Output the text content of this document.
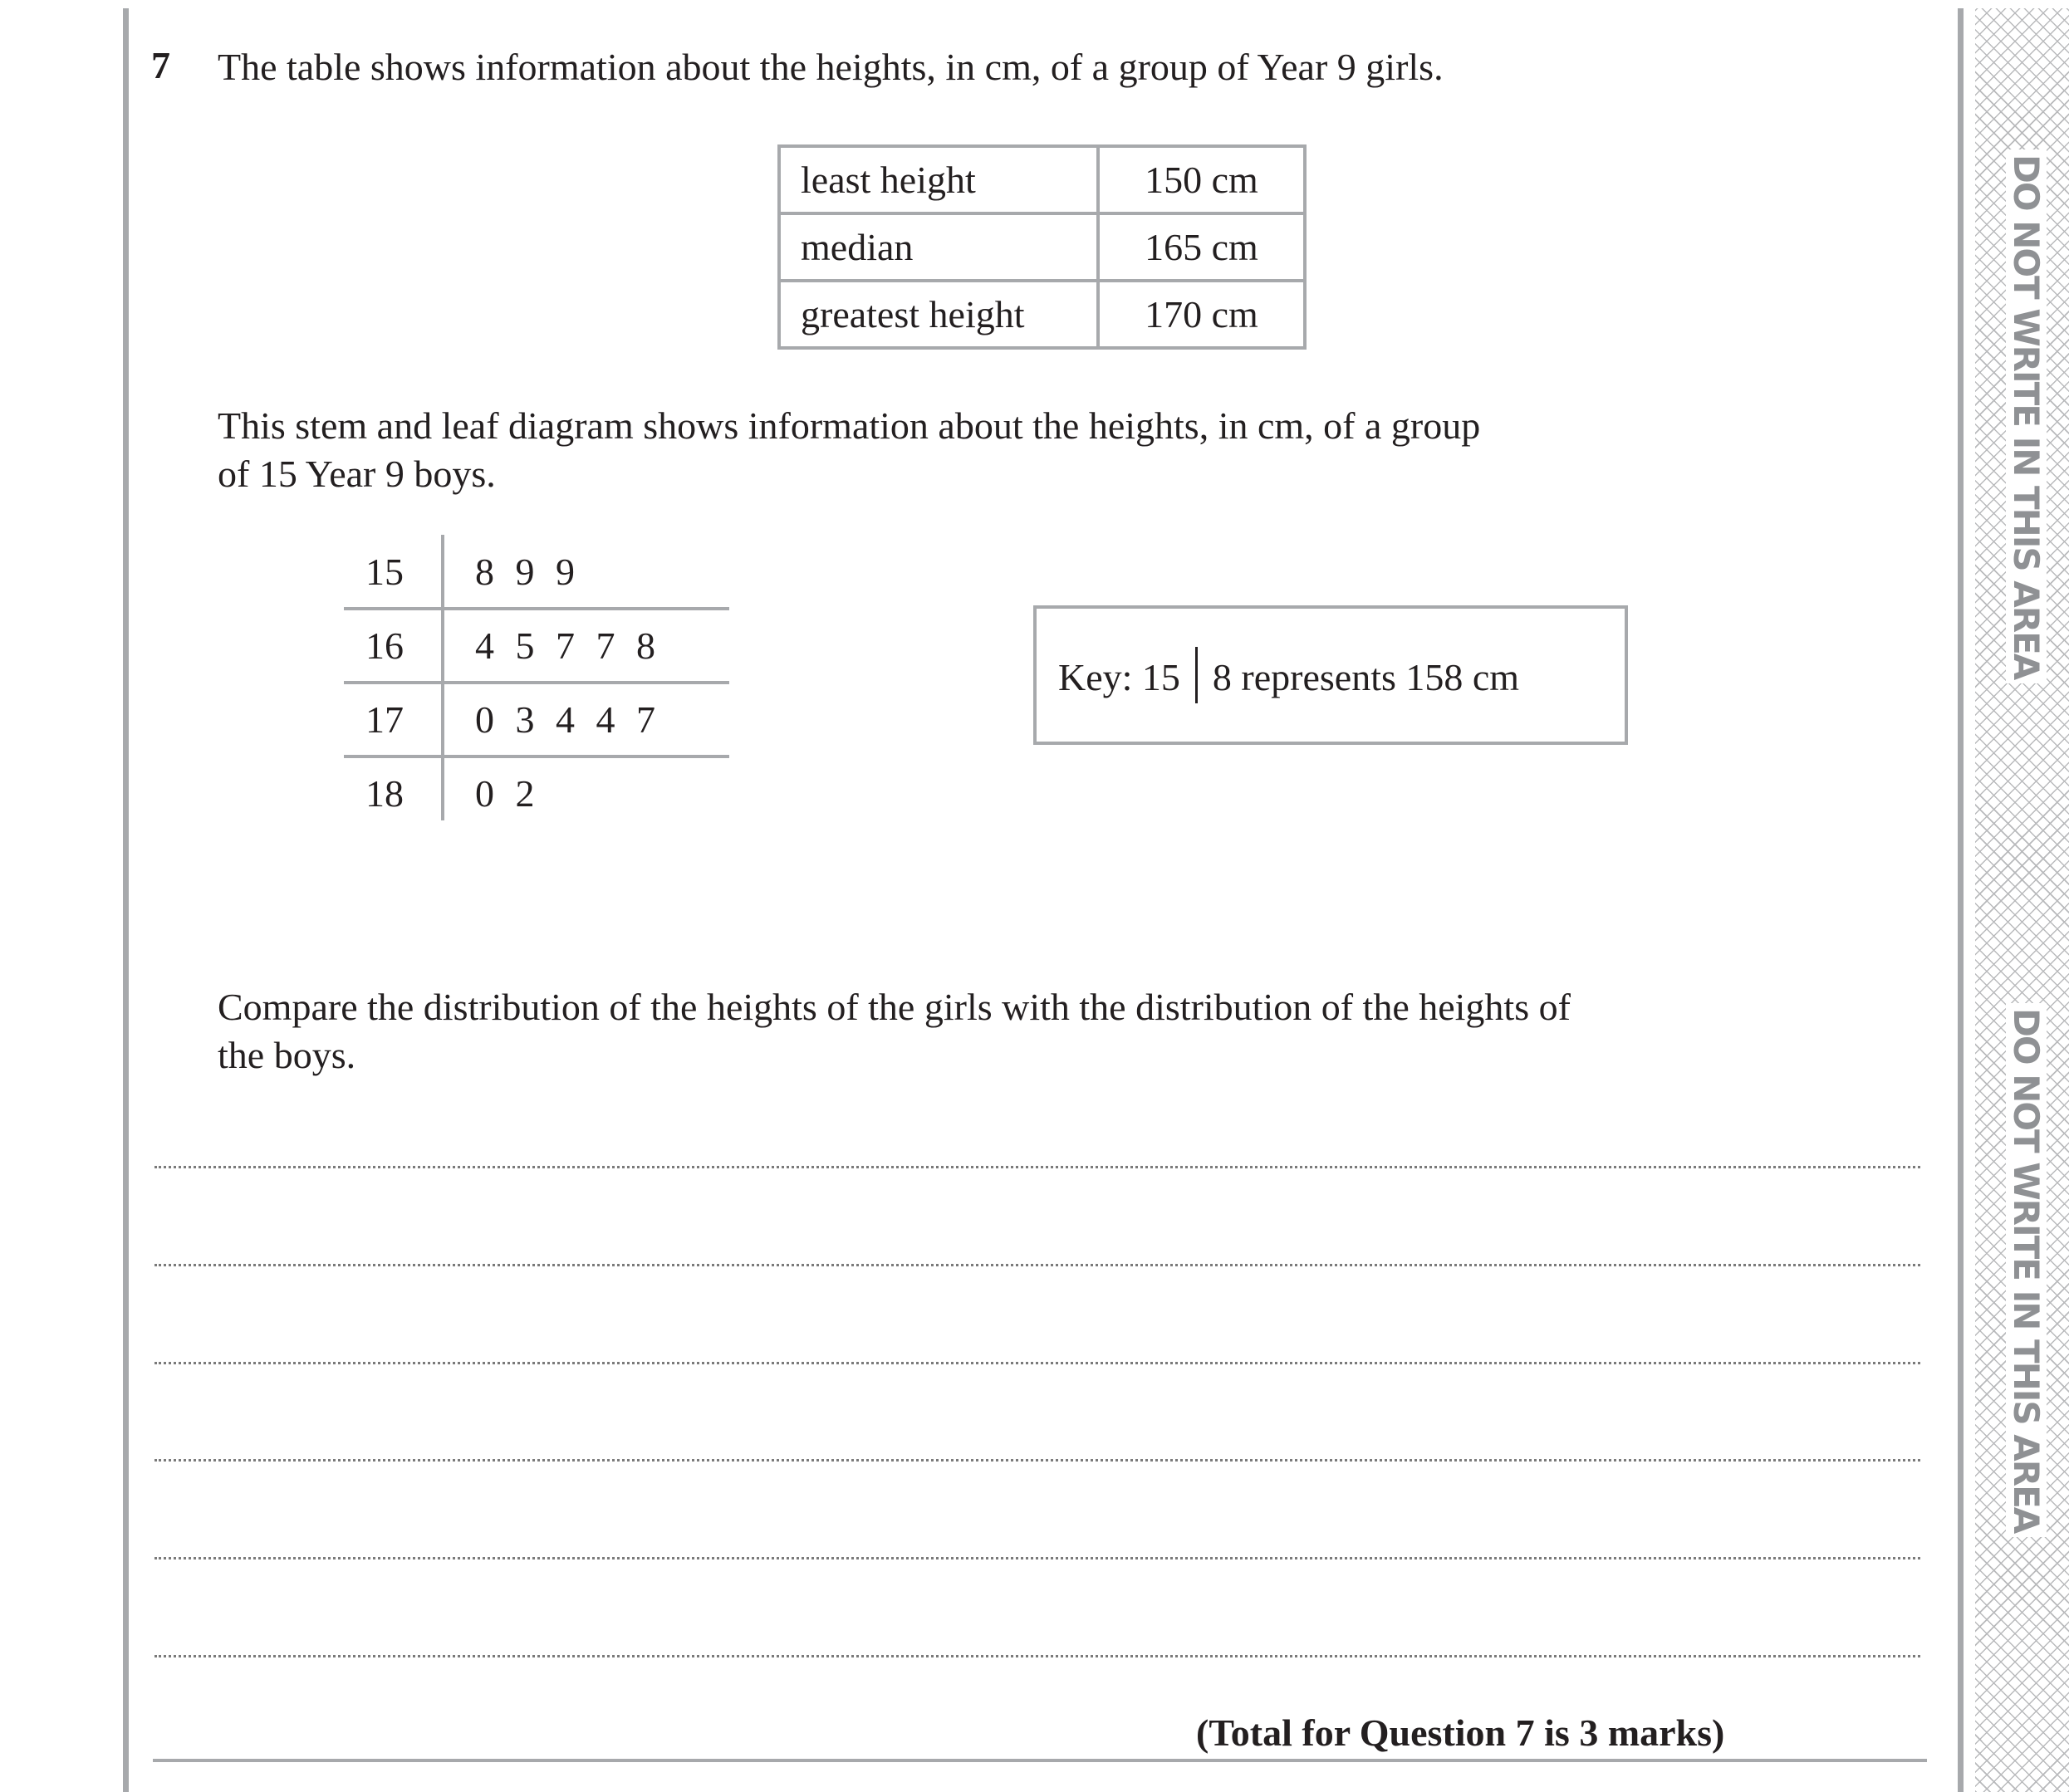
DO NOT WRITE IN THIS AREA
DO NOT WRITE IN THIS AREA
7 The table shows information about the heights, in cm, of a group of Year 9 girls.
least height	150 cm
median	165 cm
greatest height	170 cm
This stem and leaf diagram shows information about the heights, in cm, of a group
of 15 Year 9 boys.
15 8 9 9
16 4 5 7 7 8
17 0 3 4 4 7
18 0 2
Key: 15 8 represents 158 cm
Compare the distribution of the heights of the girls with the distribution of the heights of
the boys.
(Total for Question 7 is 3 marks)
